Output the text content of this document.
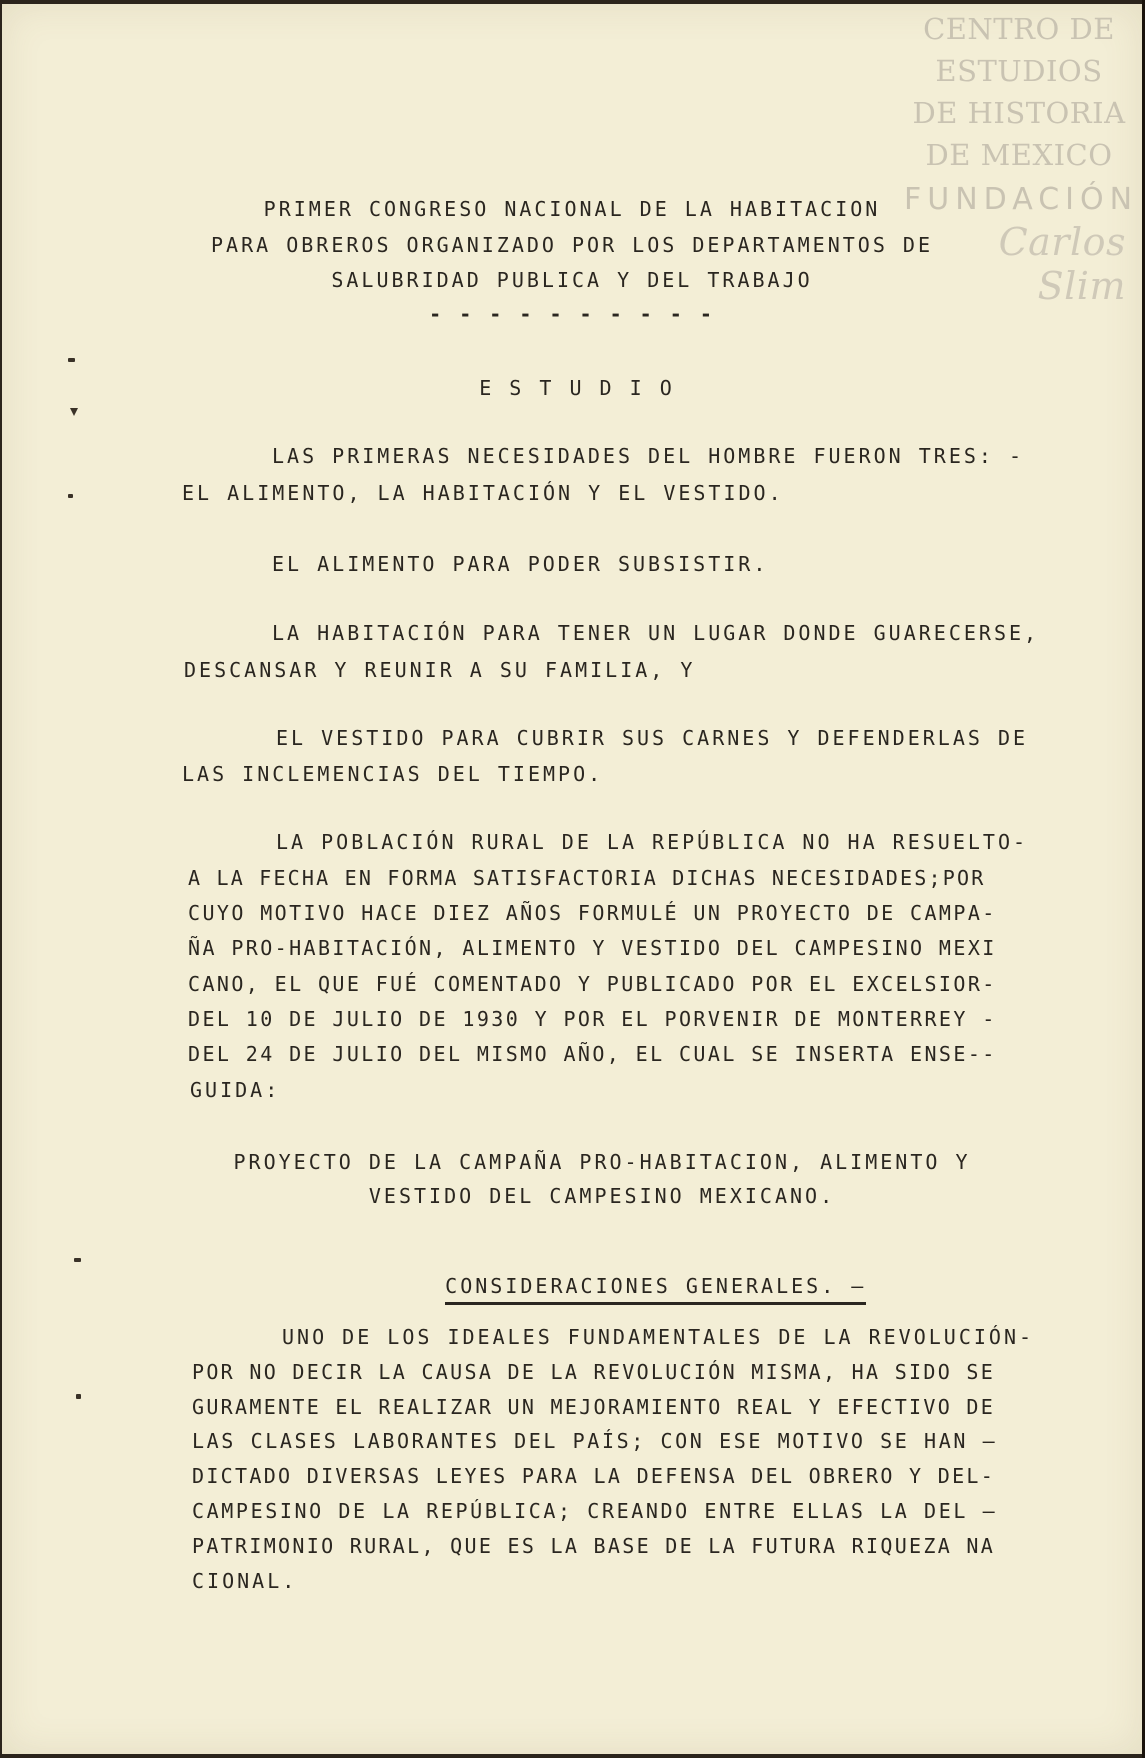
CENTRO DE
ESTUDIOS
DE HISTORIA
DE MEXICO
FUNDACIÓN
Carlos Slim
PRIMER CONGRESO NACIONAL DE LA HABITACION
PARA OBREROS ORGANIZADO POR LOS DEPARTAMENTOS DE
SALUBRIDAD PUBLICA Y DEL TRABAJO
- - - - - - - - - -
E S T U D I O
LAS PRIMERAS NECESIDADES DEL HOMBRE FUERON TRES: -
EL ALIMENTO, LA HABITACIÓN Y EL VESTIDO.
EL ALIMENTO PARA PODER SUBSISTIR.
LA HABITACIÓN PARA TENER UN LUGAR DONDE GUARECERSE,
DESCANSAR Y REUNIR A SU FAMILIA, Y
EL VESTIDO PARA CUBRIR SUS CARNES Y DEFENDERLAS DE
LAS INCLEMENCIAS DEL TIEMPO.
LA POBLACIÓN RURAL DE LA REPÚBLICA NO HA RESUELTO-
A LA FECHA EN FORMA SATISFACTORIA DICHAS NECESIDADES;POR
CUYO MOTIVO HACE DIEZ AÑOS FORMULÉ UN PROYECTO DE CAMPA-
ÑA PRO-HABITACIÓN, ALIMENTO Y VESTIDO DEL CAMPESINO MEXI
CANO, EL QUE FUÉ COMENTADO Y PUBLICADO POR EL EXCELSIOR-
DEL 10 DE JULIO DE 1930 Y POR EL PORVENIR DE MONTERREY -
DEL 24 DE JULIO DEL MISMO AÑO, EL CUAL SE INSERTA ENSE--
GUIDA:
PROYECTO DE LA CAMPAÑA PRO-HABITACION, ALIMENTO Y
VESTIDO DEL CAMPESINO MEXICANO.

CONSIDERACIONES GENERALES. —

UNO DE LOS IDEALES FUNDAMENTALES DE LA REVOLUCIÓN-
POR NO DECIR LA CAUSA DE LA REVOLUCIÓN MISMA, HA SIDO SE
GURAMENTE EL REALIZAR UN MEJORAMIENTO REAL Y EFECTIVO DE
LAS CLASES LABORANTES DEL PAÍS; CON ESE MOTIVO SE HAN —
DICTADO DIVERSAS LEYES PARA LA DEFENSA DEL OBRERO Y DEL-
CAMPESINO DE LA REPÚBLICA; CREANDO ENTRE ELLAS LA DEL —
PATRIMONIO RURAL, QUE ES LA BASE DE LA FUTURA RIQUEZA NA
CIONAL.
